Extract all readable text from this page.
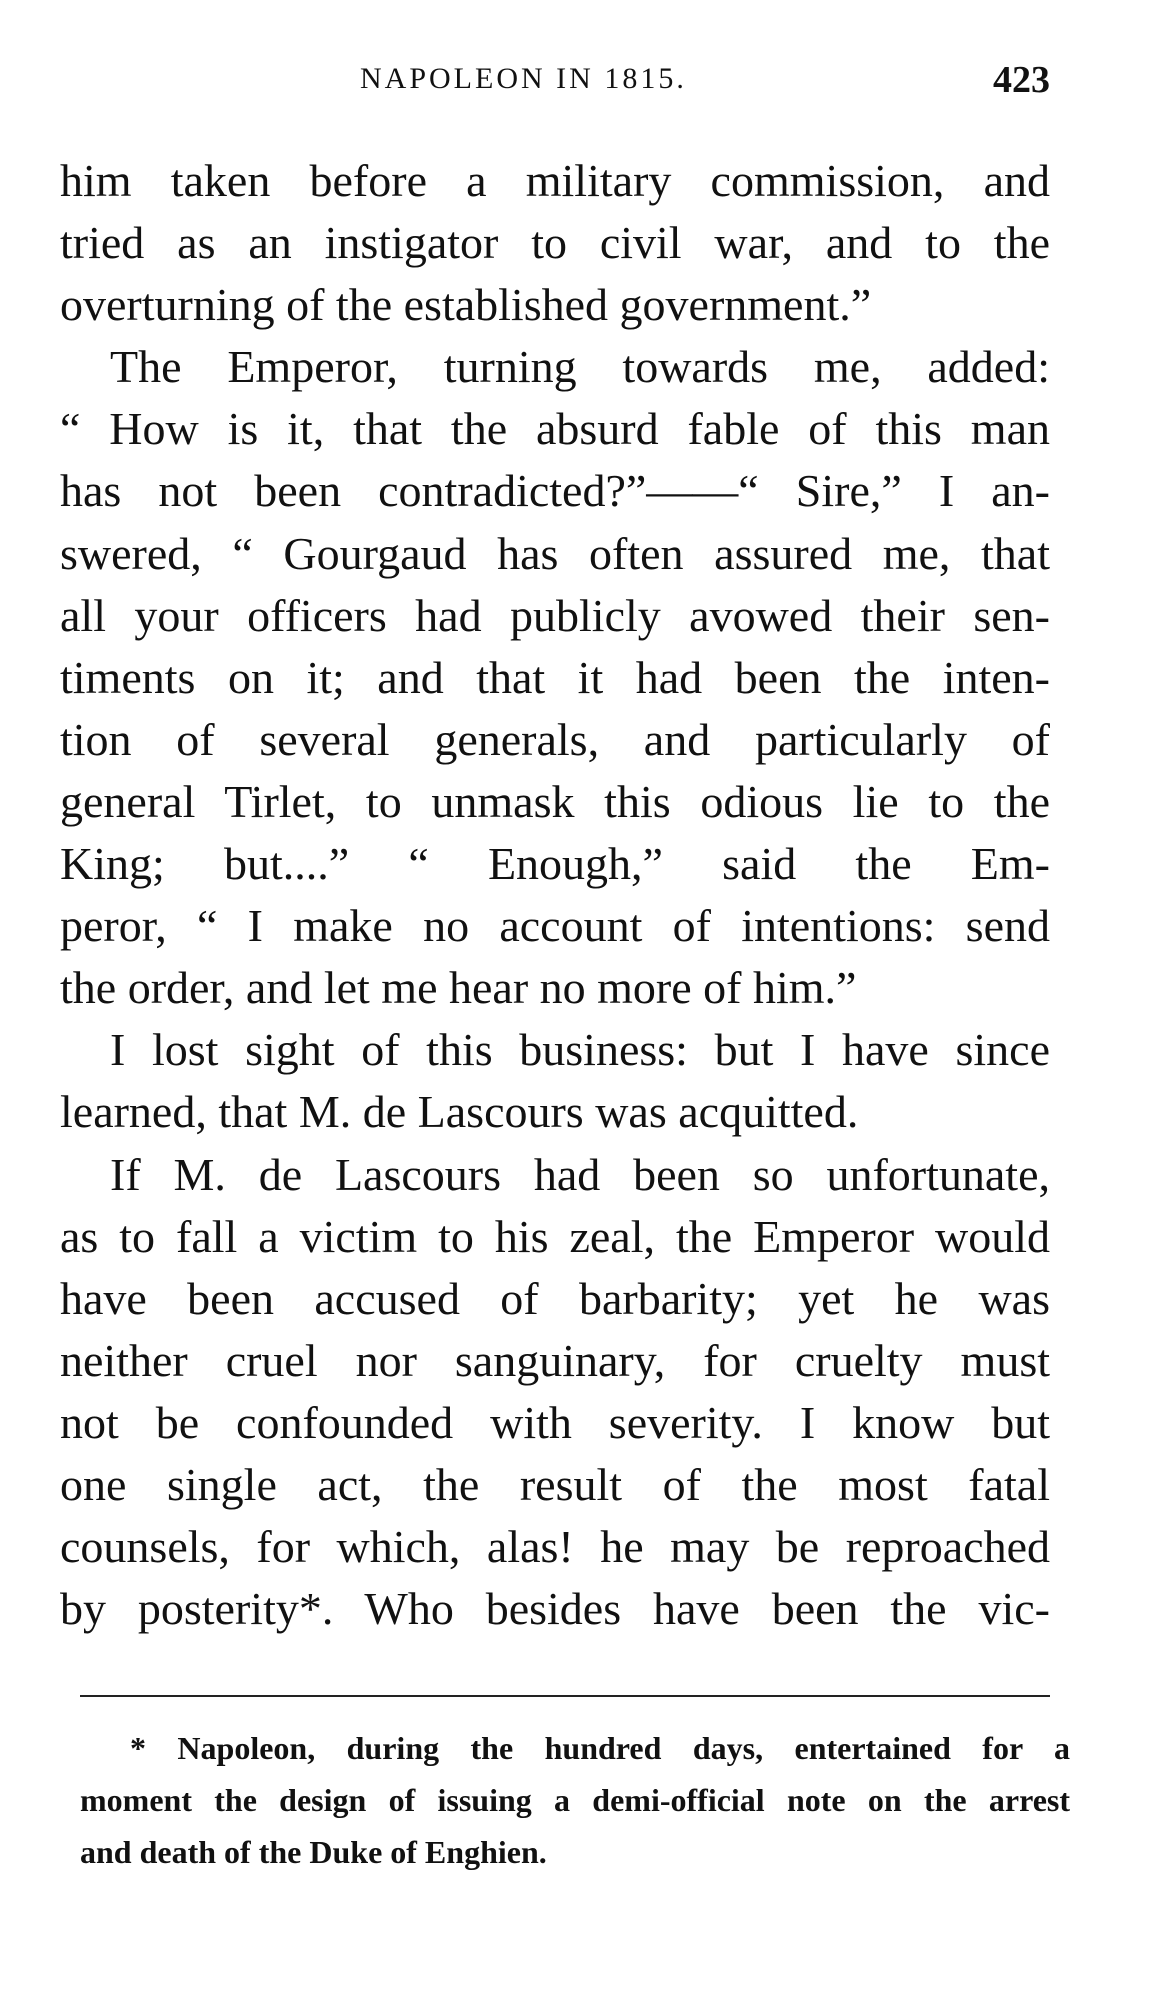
NAPOLEON IN 1815.	423
him taken before a military commission, and
tried as an instigator to civil war, and to the
overturning of the established government.”
The Emperor, turning towards me, added:
“ How is it, that the absurd fable of this man
has not been contradicted?”——“ Sire,” I an-
swered, “ Gourgaud has often assured me, that
all your officers had publicly avowed their sen-
timents on it; and that it had been the inten-
tion of several generals, and particularly of
general Tirlet, to unmask this odious lie to the
King; but....” “ Enough,” said the Em-
peror, “ I make no account of intentions: send
the order, and let me hear no more of him.”
I lost sight of this business: but I have since
learned, that M. de Lascours was acquitted.
If M. de Lascours had been so unfortunate,
as to fall a victim to his zeal, the Emperor would
have been accused of barbarity; yet he was
neither cruel nor sanguinary, for cruelty must
not be confounded with severity. I know but
one single act, the result of the most fatal
counsels, for which, alas! he may be reproached
by posterity*. Who besides have been the vic-
* Napoleon, during the hundred days, entertained for a
moment the design of issuing a demi-official note on the arrest
and death of the Duke of Enghien.
